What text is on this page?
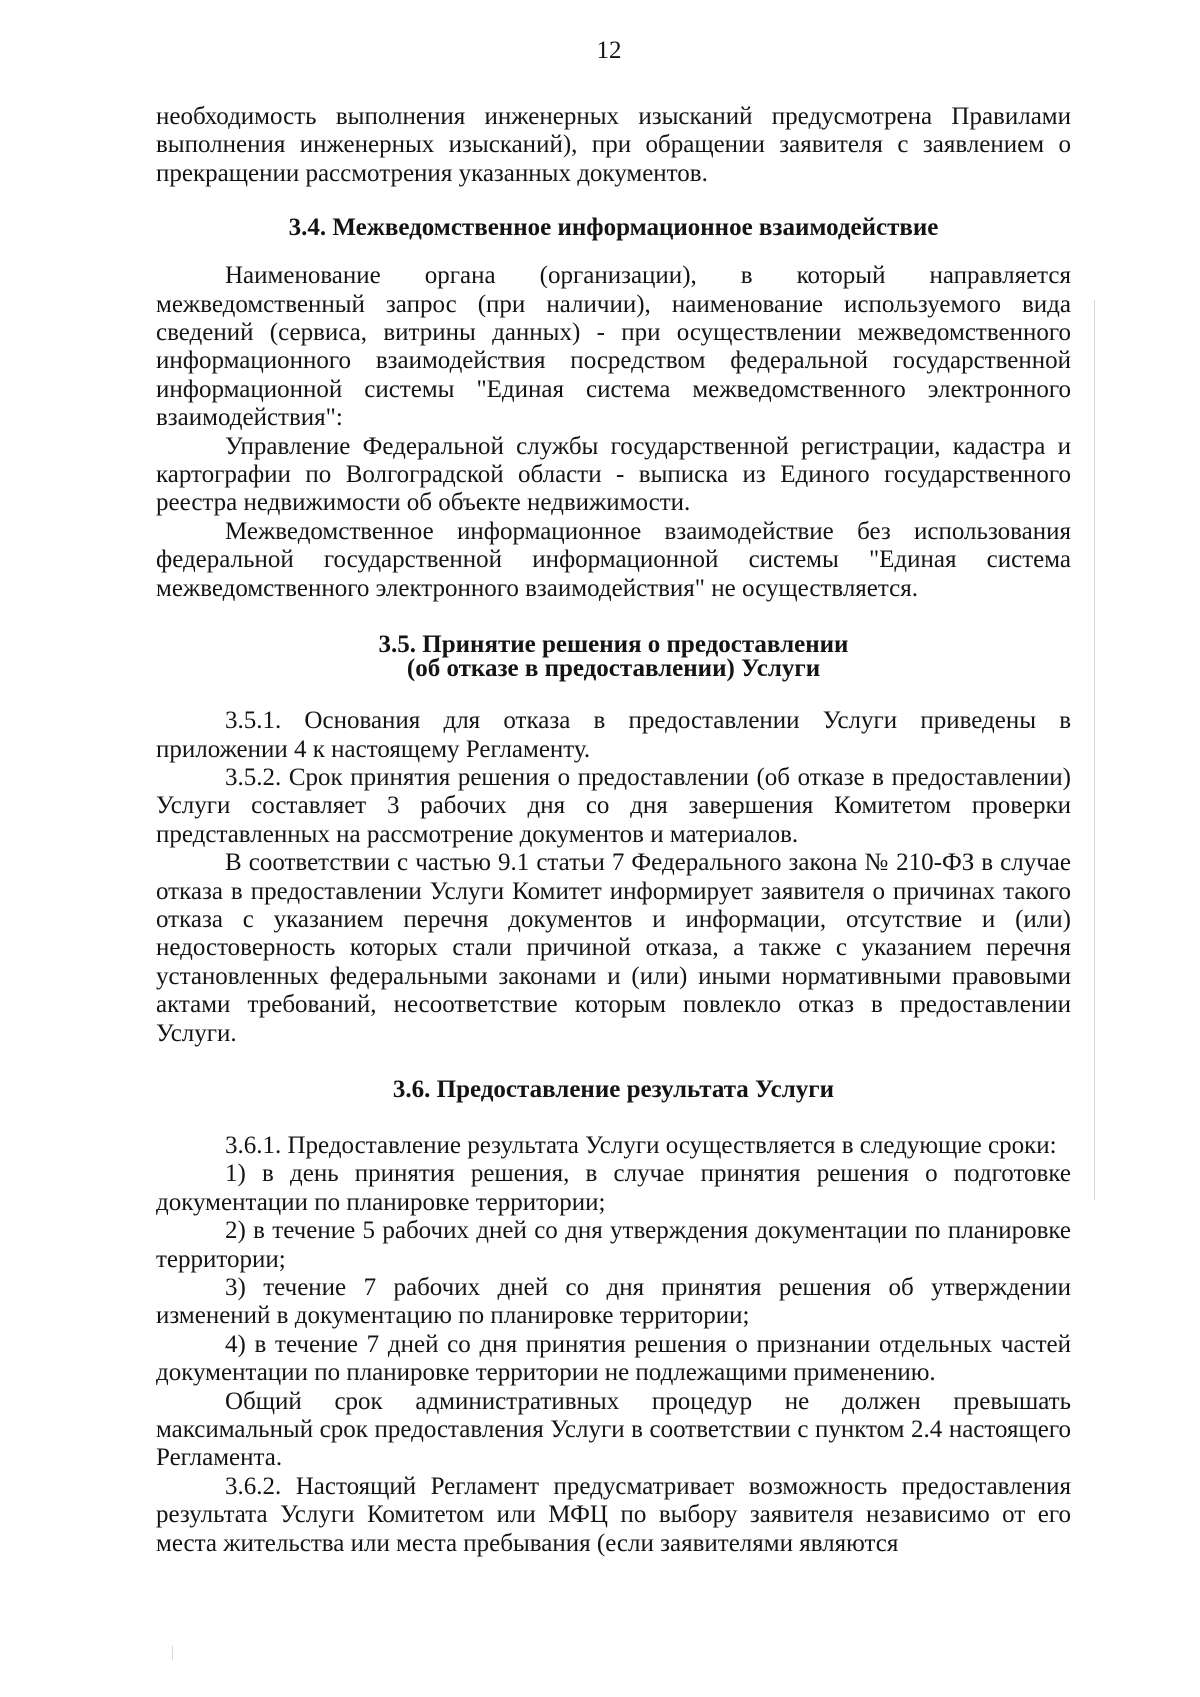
12

необходимость выполнения инженерных изысканий предусмотрена Правилами выполнения инженерных изысканий), при обращении заявителя с заявлением о прекращении рассмотрения указанных документов.

3.4. Межведомственное информационное взаимодействие

Наименование органа (организации), в который направляется межведомственный запрос (при наличии), наименование используемого вида сведений (сервиса, витрины данных) - при осуществлении межведомственного информационного взаимодействия посредством федеральной государственной информационной системы "Единая система межведомственного электронного взаимодействия":

Управление Федеральной службы государственной регистрации, кадастра и картографии по Волгоградской области - выписка из Единого государственного реестра недвижимости об объекте недвижимости.

Межведомственное информационное взаимодействие без использования федеральной государственной информационной системы "Единая система межведомственного электронного взаимодействия" не осуществляется.

3.5. Принятие решения о предоставлении

(об отказе в предоставлении) Услуги

3.5.1. Основания для отказа в предоставлении Услуги приведены в приложении 4 к настоящему Регламенту.

3.5.2. Срок принятия решения о предоставлении (об отказе в предоставлении) Услуги составляет 3 рабочих дня со дня завершения Комитетом проверки представленных на рассмотрение документов и материалов.

В соответствии с частью 9.1 статьи 7 Федерального закона № 210-ФЗ в случае отказа в предоставлении Услуги Комитет информирует заявителя о причинах такого отказа с указанием перечня документов и информации, отсутствие и (или) недостоверность которых стали причиной отказа, а также с указанием перечня установленных федеральными законами и (или) иными нормативными правовыми актами требований, несоответствие которым повлекло отказ в предоставлении Услуги.

3.6. Предоставление результата Услуги

3.6.1. Предоставление результата Услуги осуществляется в следующие сроки:

1) в день принятия решения, в случае принятия решения о подготовке документации по планировке территории;

2) в течение 5 рабочих дней со дня утверждения документации по планировке территории;

3) течение 7 рабочих дней со дня принятия решения об утверждении изменений в документацию по планировке территории;

4) в течение 7 дней со дня принятия решения о признании отдельных частей документации по планировке территории не подлежащими применению.

Общий срок административных процедур не должен превышать максимальный срок предоставления Услуги в соответствии с пунктом 2.4 настоящего Регламента.

3.6.2. Настоящий Регламент предусматривает возможность предоставления результата Услуги Комитетом или МФЦ по выбору заявителя независимо от его места жительства или места пребывания (если заявителями являются
